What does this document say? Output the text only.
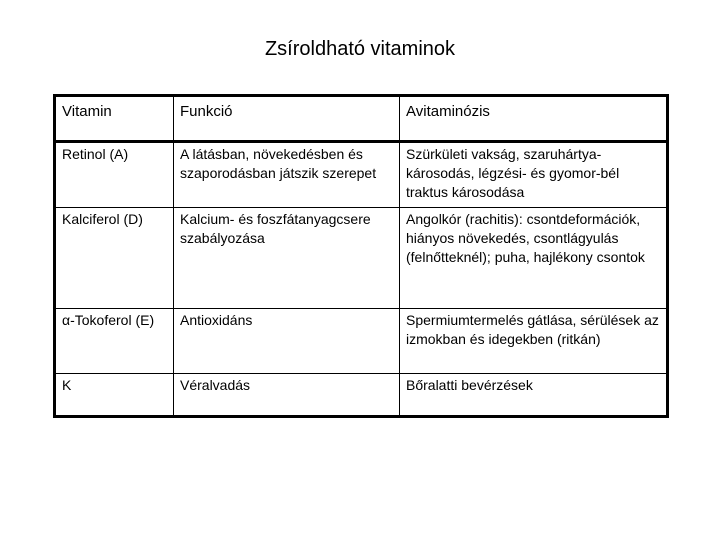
Zsíroldható vitaminok
Vitamin	Funkció	Avitaminózis
Retinol (A)	A látásban, növekedésben és szaporodásban játszik szerepet	Szürkületi vakság, szaruhártya-károsodás, légzési- és gyomor-bél traktus károsodása
Kalciferol (D)	Kalcium- és foszfátanyagcsere szabályozása	Angolkór (rachitis): csontdeformációk, hiányos növekedés, csontlágyulás (felnőtteknél); puha, hajlékony csontok
α-Tokoferol (E)	Antioxidáns	Spermiumtermelés gátlása, sérülések az izmokban és idegekben (ritkán)
K	Véralvadás	Bőralatti bevérzések
